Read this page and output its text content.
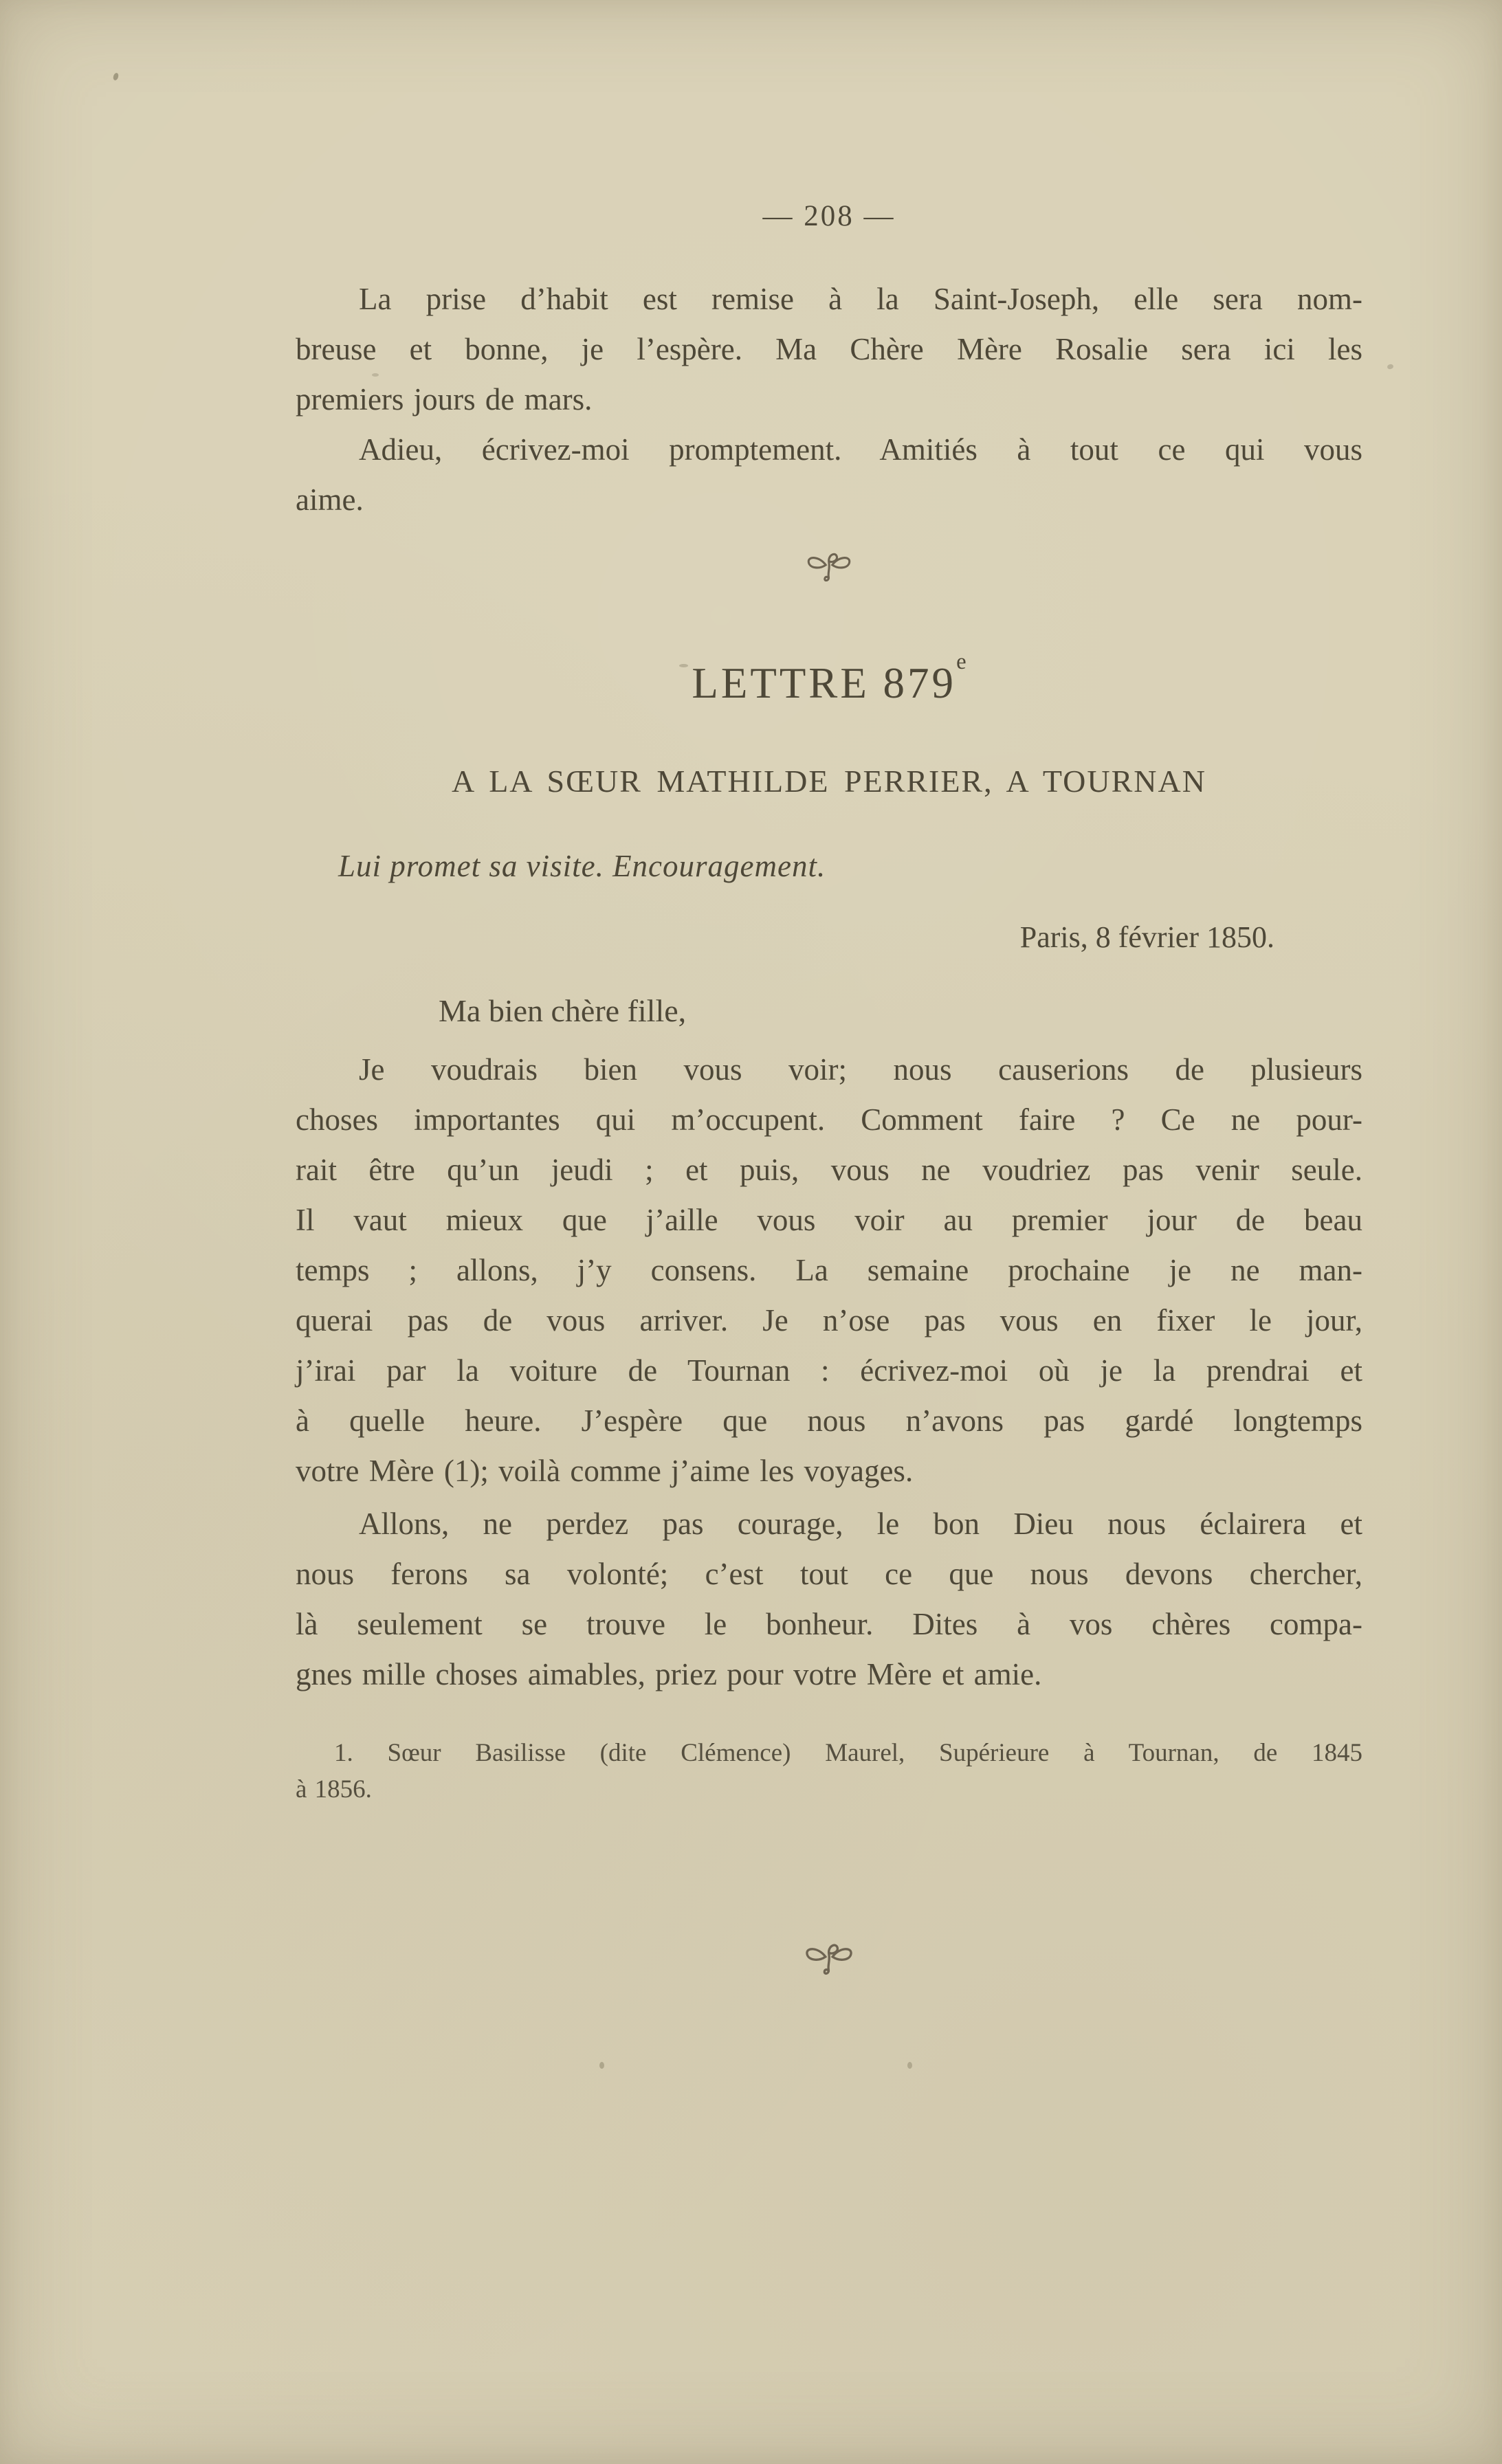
— 208 —
La prise d’habit est remise à la Saint-Joseph, elle sera nom-
breuse et bonne, je l’espère. Ma Chère Mère Rosalie sera ici les
premiers jours de mars.
Adieu, écrivez-moi promptement. Amitiés à tout ce qui vous
aime.
LETTRE 879e
A LA SŒUR MATHILDE PERRIER, A TOURNAN
Lui promet sa visite. Encouragement.
Paris, 8 février 1850.
Ma bien chère fille,
Je voudrais bien vous voir; nous causerions de plusieurs
choses importantes qui m’occupent. Comment faire ? Ce ne pour-
rait être qu’un jeudi ; et puis, vous ne voudriez pas venir seule.
Il vaut mieux que j’aille vous voir au premier jour de beau
temps ; allons, j’y consens. La semaine prochaine je ne man-
querai pas de vous arriver. Je n’ose pas vous en fixer le jour,
j’irai par la voiture de Tournan : écrivez-moi où je la prendrai et
à quelle heure. J’espère que nous n’avons pas gardé longtemps
votre Mère (1); voilà comme j’aime les voyages.
Allons, ne perdez pas courage, le bon Dieu nous éclairera et
nous ferons sa volonté; c’est tout ce que nous devons chercher,
là seulement se trouve le bonheur. Dites à vos chères compa-
gnes mille choses aimables, priez pour votre Mère et amie.
1. Sœur Basilisse (dite Clémence) Maurel, Supérieure à Tournan, de 1845
à 1856.
